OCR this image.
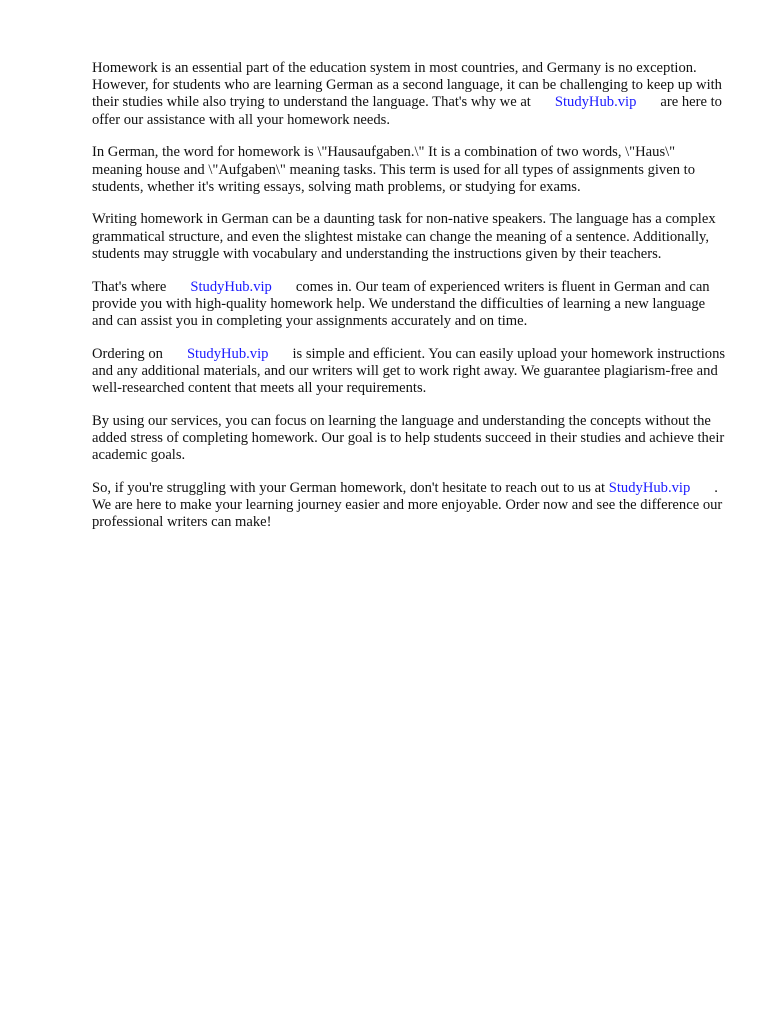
Homework is an essential part of the education system in most countries, and Germany is no exception. However, for students who are learning German as a second language, it can be challenging to keep up with their studies while also trying to understand the language. That's why we at StudyHub.vip are here to offer our assistance with all your homework needs.

In German, the word for homework is \"Hausaufgaben.\" It is a combination of two words, \"Haus\" meaning house and \"Aufgaben\" meaning tasks. This term is used for all types of assignments given to students, whether it's writing essays, solving math problems, or studying for exams.

Writing homework in German can be a daunting task for non-native speakers. The language has a complex grammatical structure, and even the slightest mistake can change the meaning of a sentence. Additionally, students may struggle with vocabulary and understanding the instructions given by their teachers.

That's where StudyHub.vip comes in. Our team of experienced writers is fluent in German and can provide you with high-quality homework help. We understand the difficulties of learning a new language and can assist you in completing your assignments accurately and on time.

Ordering on StudyHub.vip is simple and efficient. You can easily upload your homework instructions and any additional materials, and our writers will get to work right away. We guarantee plagiarism-free and well-researched content that meets all your requirements.

By using our services, you can focus on learning the language and understanding the concepts without the added stress of completing homework. Our goal is to help students succeed in their studies and achieve their academic goals.

So, if you're struggling with your German homework, don't hesitate to reach out to us at StudyHub.vip . We are here to make your learning journey easier and more enjoyable. Order now and see the difference our professional writers can make!
